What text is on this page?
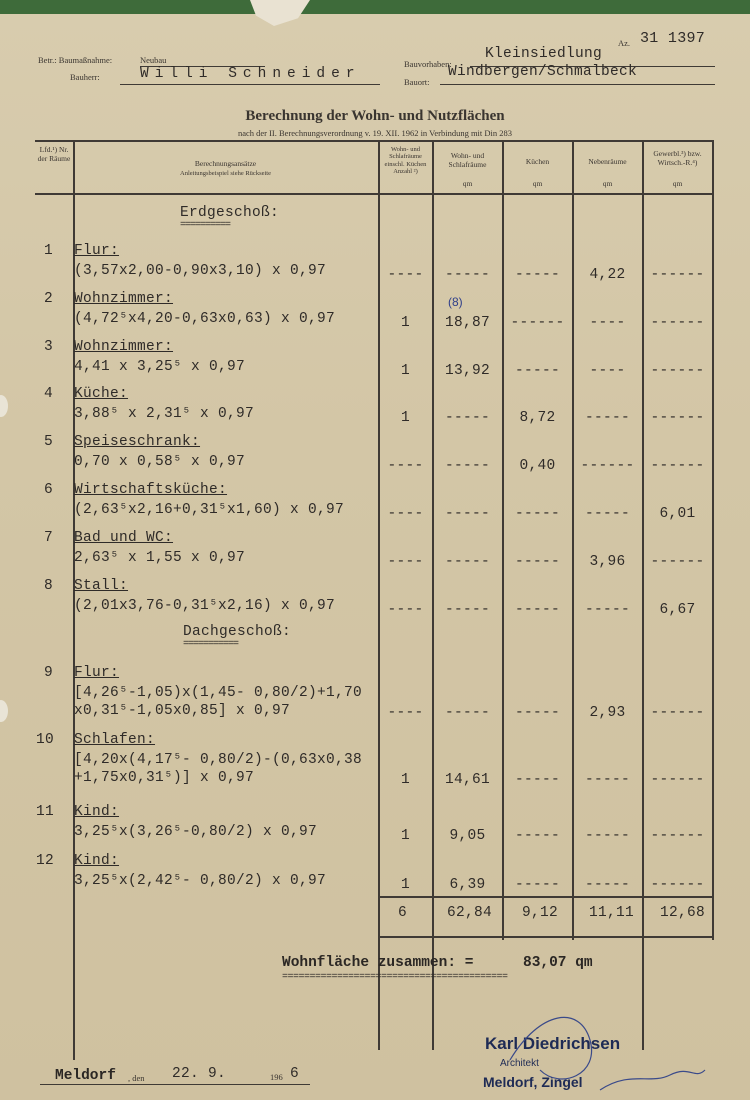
Az. 31 1397
Betr.: Baumaßnahme:	Neubau	Bauvorhaben:
Kleinsiedlung
Bauherr:	Willi Schneider	Bauort:
Windbergen/Schmalbeck
Berechnung der Wohn- und Nutzflächen
nach der II. Berechnungsverordnung v. 19. XII. 1962 in Verbindung mit Din 283
Lfd.¹) Nr. der Räume
Berechnungsansätze
Anleitungsbeispiel siehe Rückseite
Wohn- und Schlafräume einschl. Küchen Anzahl ²)
Wohn- und Schlafräume
qm
Küchen
qm
Nebenräume
qm
Gewerbl.³) bzw. Wirtsch.-R.⁴)
qm
Erdgeschoß:
==========
Dachgeschoß:
===========
1 Flur:
(3,57x2,00-0,90x3,10) x 0,97	----	-----	-----	4,22	------
2 Wohnzimmer:
(4,72⁵x4,20-0,63x0,63) x 0,97	1	18,87	------	----	------
(8)
3 Wohnzimmer:
4,41 x 3,25⁵ x 0,97	1	13,92	-----	----	------
4 Küche:
3,88⁵ x 2,31⁵ x 0,97	1	-----	8,72	-----	------
5 Speiseschrank:
0,70 x 0,58⁵ x 0,97	----	-----	0,40	------	------
6 Wirtschaftsküche:
(2,63⁵x2,16+0,31⁵x1,60) x 0,97	----	-----	-----	-----	6,01
7 Bad und WC:
2,63⁵ x 1,55 x 0,97	----	-----	-----	3,96	------
8 Stall:
(2,01x3,76-0,31⁵x2,16) x 0,97	----	-----	-----	-----	6,67
9 Flur:
[4,26⁵-1,05)x(1,45- 0,80/2)+1,70
x0,31⁵-1,05x0,85] x 0,97	----	-----	-----	2,93	------
10 Schlafen:
[4,20x(4,17⁵- 0,80/2)-(0,63x0,38
+1,75x0,31⁵)] x 0,97	1	14,61	-----	-----	------
11 Kind:
3,25⁵x(3,26⁵-0,80/2) x 0,97	1	9,05	-----	-----	------
12 Kind:
3,25⁵x(2,42⁵- 0,80/2) x 0,97	1	6,39	-----	-----	------
6	62,84 9,12 11,11 12,68
Wohnfläche zusammen: =	83,07 qm
=========================================
Meldorf , den 22. 9.	196 6
Karl Diedrichsen
Architekt
Meldorf, Zingel
